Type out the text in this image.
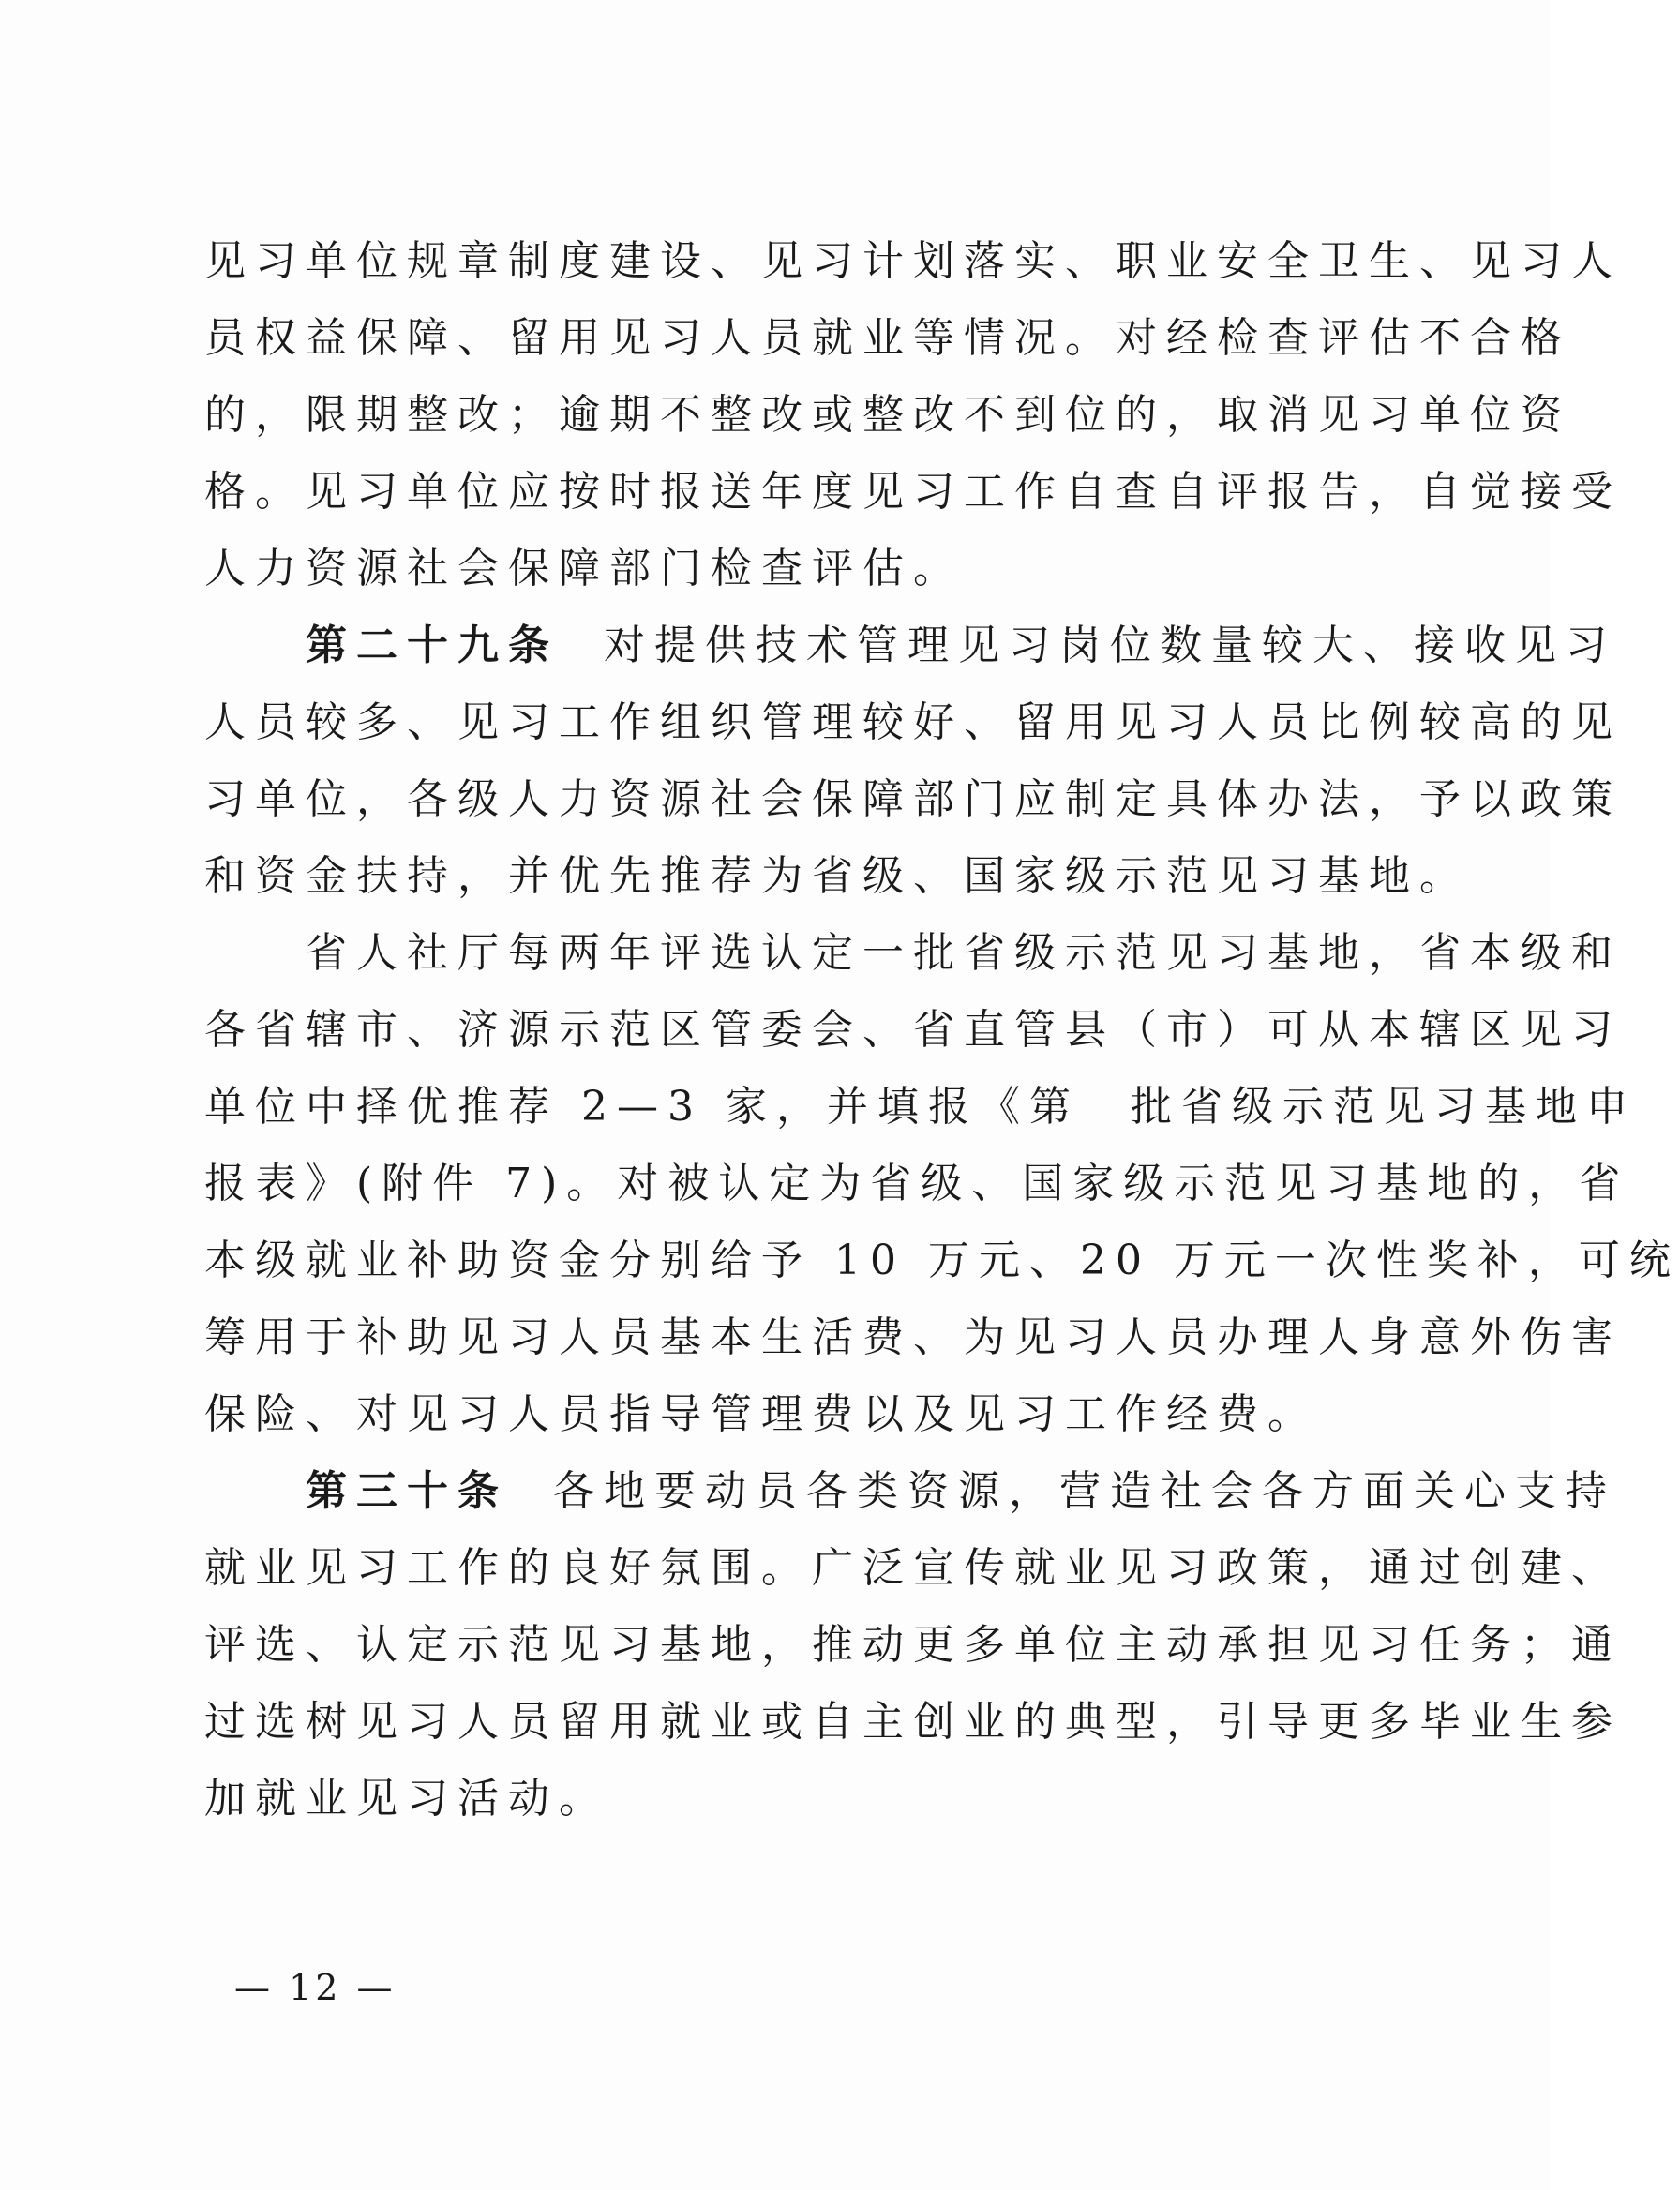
见习单位规章制度建设、见习计划落实、职业安全卫生、见习人
员权益保障、留用见习人员就业等情况。对经检查评估不合格
的，限期整改；逾期不整改或整改不到位的，取消见习单位资
格。见习单位应按时报送年度见习工作自查自评报告，自觉接受
人力资源社会保障部门检查评估。
　　第二十九条 对提供技术管理见习岗位数量较大、接收见习
人员较多、见习工作组织管理较好、留用见习人员比例较高的见
习单位，各级人力资源社会保障部门应制定具体办法，予以政策
和资金扶持，并优先推荐为省级、国家级示范见习基地。
　　省人社厅每两年评选认定一批省级示范见习基地，省本级和
各省辖市、济源示范区管委会、省直管县（市）可从本辖区见习
单位中择优推荐 2—3 家，并填报《第　批省级示范见习基地申
报表》(附件 7)。对被认定为省级、国家级示范见习基地的，省
本级就业补助资金分别给予 10 万元、20 万元一次性奖补，可统
筹用于补助见习人员基本生活费、为见习人员办理人身意外伤害
保险、对见习人员指导管理费以及见习工作经费。
　　第三十条 各地要动员各类资源，营造社会各方面关心支持
就业见习工作的良好氛围。广泛宣传就业见习政策，通过创建、
评选、认定示范见习基地，推动更多单位主动承担见习任务；通
过选树见习人员留用就业或自主创业的典型，引导更多毕业生参
加就业见习活动。
— 12 —
